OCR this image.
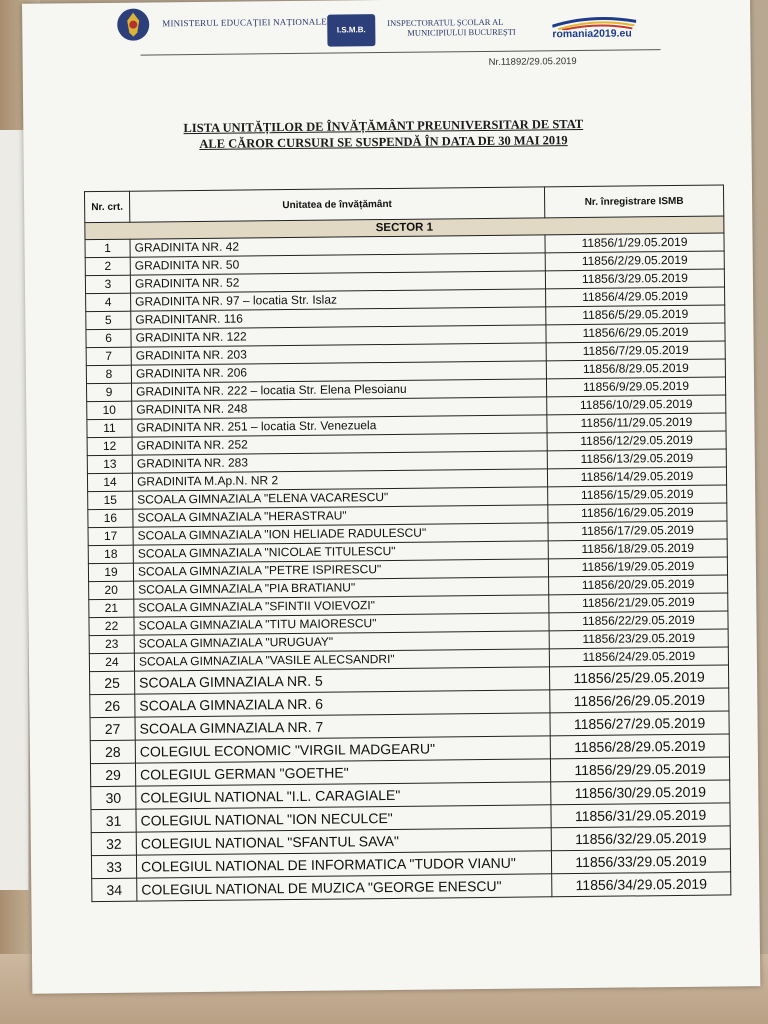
MINISTERUL EDUCAȚIEI NAȚIONALE
I.S.M.B.
INSPECTORATUL ȘCOLAR AL
MUNICIPIULUI BUCUREȘTI	romania2019.eu
Nr.11892/29.05.2019
LISTA UNITĂȚILOR DE ÎNVĂȚĂMÂNT PREUNIVERSITAR DE STAT
ALE CĂROR CURSURI SE SUSPENDĂ ÎN DATA DE 30 MAI 2019
Nr. crt.	Unitatea de învățământ	Nr. înregistrare ISMB
SECTOR 1		
1	GRADINITA NR. 42	11856/1/29.05.2019
2	GRADINITA NR. 50	11856/2/29.05.2019
3	GRADINITA NR. 52	11856/3/29.05.2019
4	GRADINITA NR. 97 – locatia Str. Islaz	11856/4/29.05.2019
5	GRADINITANR. 116	11856/5/29.05.2019
6	GRADINITA NR. 122	11856/6/29.05.2019
7	GRADINITA NR. 203	11856/7/29.05.2019
8	GRADINITA NR. 206	11856/8/29.05.2019
9	GRADINITA NR. 222 – locatia Str. Elena Plesoianu	11856/9/29.05.2019
10	GRADINITA NR. 248	11856/10/29.05.2019
11	GRADINITA NR. 251 – locatia Str. Venezuela	11856/11/29.05.2019
12	GRADINITA NR. 252	11856/12/29.05.2019
13	GRADINITA NR. 283	11856/13/29.05.2019
14	GRADINITA M.Ap.N. NR 2	11856/14/29.05.2019
15	SCOALA GIMNAZIALA "ELENA VACARESCU"	11856/15/29.05.2019
16	SCOALA GIMNAZIALA "HERASTRAU"	11856/16/29.05.2019
17	SCOALA GIMNAZIALA "ION HELIADE RADULESCU"	11856/17/29.05.2019
18	SCOALA GIMNAZIALA "NICOLAE TITULESCU"	11856/18/29.05.2019
19	SCOALA GIMNAZIALA "PETRE ISPIRESCU"	11856/19/29.05.2019
20	SCOALA GIMNAZIALA "PIA BRATIANU"	11856/20/29.05.2019
21	SCOALA GIMNAZIALA "SFINTII VOIEVOZI"	11856/21/29.05.2019
22	SCOALA GIMNAZIALA "TITU MAIORESCU"	11856/22/29.05.2019
23	SCOALA GIMNAZIALA "URUGUAY"	11856/23/29.05.2019
24	SCOALA GIMNAZIALA "VASILE ALECSANDRI"	11856/24/29.05.2019
25	SCOALA GIMNAZIALA NR. 5	11856/25/29.05.2019
26	SCOALA GIMNAZIALA NR. 6	11856/26/29.05.2019
27	SCOALA GIMNAZIALA NR. 7	11856/27/29.05.2019
28	COLEGIUL ECONOMIC "VIRGIL MADGEARU"	11856/28/29.05.2019
29	COLEGIUL GERMAN "GOETHE"	11856/29/29.05.2019
30	COLEGIUL NATIONAL "I.L. CARAGIALE"	11856/30/29.05.2019
31	COLEGIUL NATIONAL "ION NECULCE"	11856/31/29.05.2019
32	COLEGIUL NATIONAL "SFANTUL SAVA"	11856/32/29.05.2019
33	COLEGIUL NATIONAL DE INFORMATICA "TUDOR VIANU"	11856/33/29.05.2019
34	COLEGIUL NATIONAL DE MUZICA "GEORGE ENESCU"	11856/34/29.05.2019
